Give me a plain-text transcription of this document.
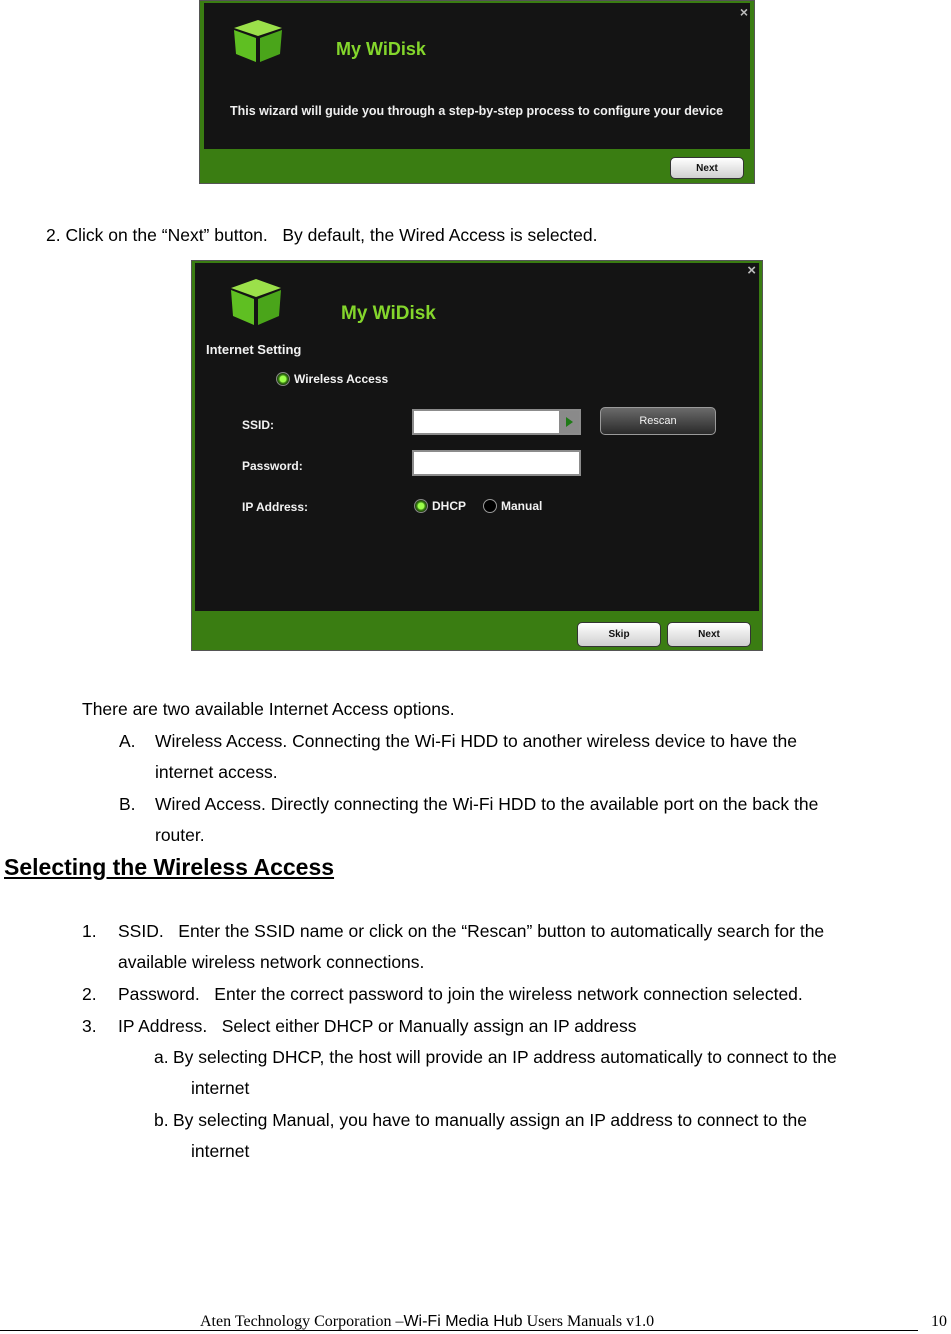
My WiDisk
This wizard will guide you through a step-by-step process to configure your device
×
Next
2. Click on the “Next” button.   By default, the Wired Access is selected.
My WiDisk
Internet Setting
Wireless Access
SSID:	Rescan
Password:
IP Address:	DHCP	Manual
×
Skip	Next
There are two available Internet Access options.
A. Wireless Access. Connecting the Wi-Fi HDD to another wireless device to have the
internet access.
B. Wired Access. Directly connecting the Wi-Fi HDD to the available port on the back the
router.
Selecting the Wireless Access
1. SSID.   Enter the SSID name or click on the “Rescan” button to automatically search for the
available wireless network connections.
2. Password.   Enter the correct password to join the wireless network connection selected.
3. IP Address.   Select either DHCP or Manually assign an IP address
a. By selecting DHCP, the host will provide an IP address automatically to connect to the
internet
b. By selecting Manual, you have to manually assign an IP address to connect to the
internet
Aten Technology Corporation –Wi-Fi Media Hub Users Manuals v1.0	10
